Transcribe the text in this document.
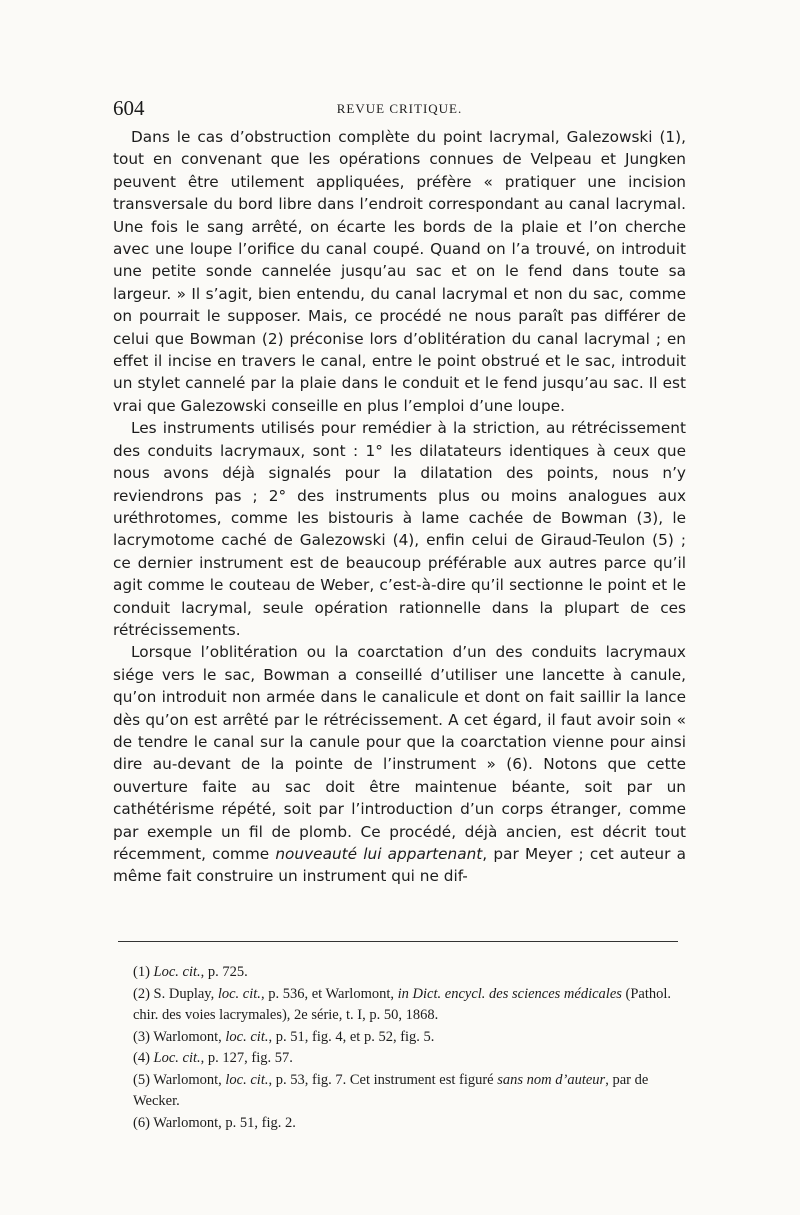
604	REVUE CRITIQUE.

Dans le cas d’obstruction complète du point lacrymal, Galezowski (1), tout en convenant que les opérations connues de Velpeau et Jungken peuvent être utilement appliquées, préfère « pratiquer une incision transversale du bord libre dans l’endroit correspondant au canal lacrymal. Une fois le sang arrêté, on écarte les bords de la plaie et l’on cherche avec une loupe l’orifice du canal coupé. Quand on l’a trouvé, on introduit une petite sonde cannelée jusqu’au sac et on le fend dans toute sa largeur. » Il s’agit, bien entendu, du canal lacrymal et non du sac, comme on pourrait le supposer. Mais, ce procédé ne nous paraît pas différer de celui que Bowman (2) préconise lors d’oblitération du canal lacrymal ; en effet il incise en travers le canal, entre le point obstrué et le sac, introduit un stylet cannelé par la plaie dans le conduit et le fend jusqu’au sac. Il est vrai que Galezowski conseille en plus l’emploi d’une loupe.

Les instruments utilisés pour remédier à la striction, au rétrécissement des conduits lacrymaux, sont : 1° les dilatateurs identiques à ceux que nous avons déjà signalés pour la dilatation des points, nous n’y reviendrons pas ; 2° des instruments plus ou moins analogues aux uréthrotomes, comme les bistouris à lame cachée de Bowman (3), le lacrymotome caché de Galezowski (4), enfin celui de Giraud-Teulon (5) ; ce dernier instrument est de beaucoup préférable aux autres parce qu’il agit comme le couteau de Weber, c’est-à-dire qu’il sectionne le point et le conduit lacrymal, seule opération rationnelle dans la plupart de ces rétrécissements.

Lorsque l’oblitération ou la coarctation d’un des conduits lacrymaux siége vers le sac, Bowman a conseillé d’utiliser une lancette à canule, qu’on introduit non armée dans le canalicule et dont on fait saillir la lance dès qu’on est arrêté par le rétrécissement. A cet égard, il faut avoir soin « de tendre le canal sur la canule pour que la coarctation vienne pour ainsi dire au-devant de la pointe de l’instrument » (6). Notons que cette ouverture faite au sac doit être maintenue béante, soit par un cathétérisme répété, soit par l’introduction d’un corps étranger, comme par exemple un fil de plomb. Ce procédé, déjà ancien, est décrit tout récemment, comme nouveauté lui appartenant, par Meyer ; cet auteur a même fait construire un instrument qui ne dif-

(1) Loc. cit., p. 725.
(2) S. Duplay, loc. cit., p. 536, et Warlomont, in Dict. encycl. des sciences médicales (Pathol. chir. des voies lacrymales), 2e série, t. I, p. 50, 1868.
(3) Warlomont, loc. cit., p. 51, fig. 4, et p. 52, fig. 5.
(4) Loc. cit., p. 127, fig. 57.
(5) Warlomont, loc. cit., p. 53, fig. 7. Cet instrument est figuré sans nom d’auteur, par de Wecker.
(6) Warlomont, p. 51, fig. 2.
